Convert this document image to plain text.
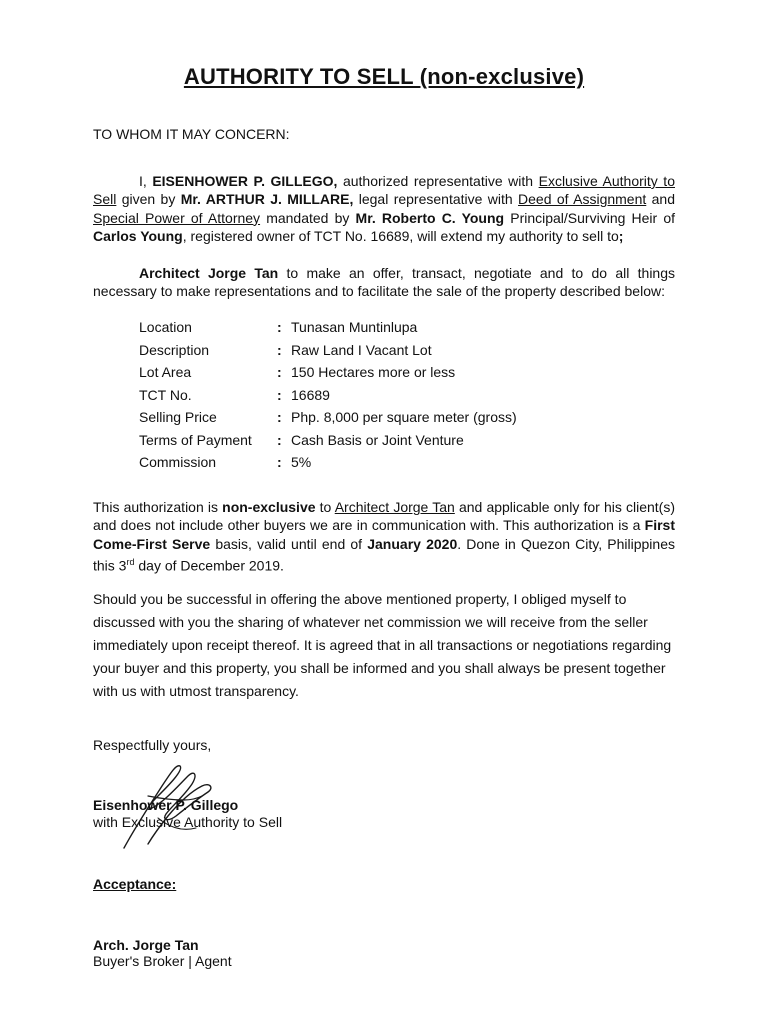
AUTHORITY TO SELL (non-exclusive)
TO WHOM IT MAY CONCERN:
I, EISENHOWER P. GILLEGO, authorized representative with Exclusive Authority to Sell given by Mr. ARTHUR J. MILLARE, legal representative with Deed of Assignment and Special Power of Attorney mandated by Mr. Roberto C. Young Principal/Surviving Heir of Carlos Young, registered owner of TCT No. 16689, will extend my authority to sell to;
Architect Jorge Tan to make an offer, transact, negotiate and to do all things necessary to make representations and to facilitate the sale of the property described below:
Location	: Tunasan Muntinlupa
Description	: Raw Land I Vacant Lot
Lot Area	: 150 Hectares more or less
TCT No.	: 16689
Selling Price	: Php. 8,000 per square meter (gross)
Terms of Payment	: Cash Basis or Joint Venture
Commission	: 5%
This authorization is non-exclusive to Architect Jorge Tan and applicable only for his client(s) and does not include other buyers we are in communication with. This authorization is a First Come-First Serve basis, valid until end of January 2020. Done in Quezon City, Philippines this 3rd day of December 2019.
Should you be successful in offering the above mentioned property, I obliged myself to discussed with you the sharing of whatever net commission we will receive from the seller immediately upon receipt thereof. It is agreed that in all transactions or negotiations regarding your buyer and this property, you shall be informed and you shall always be present together with us with utmost transparency.
Respectfully yours,
Eisenhower P. Gillego
with Exclusive Authority to Sell
Acceptance:
Arch. Jorge Tan
Buyer's Broker | Agent
